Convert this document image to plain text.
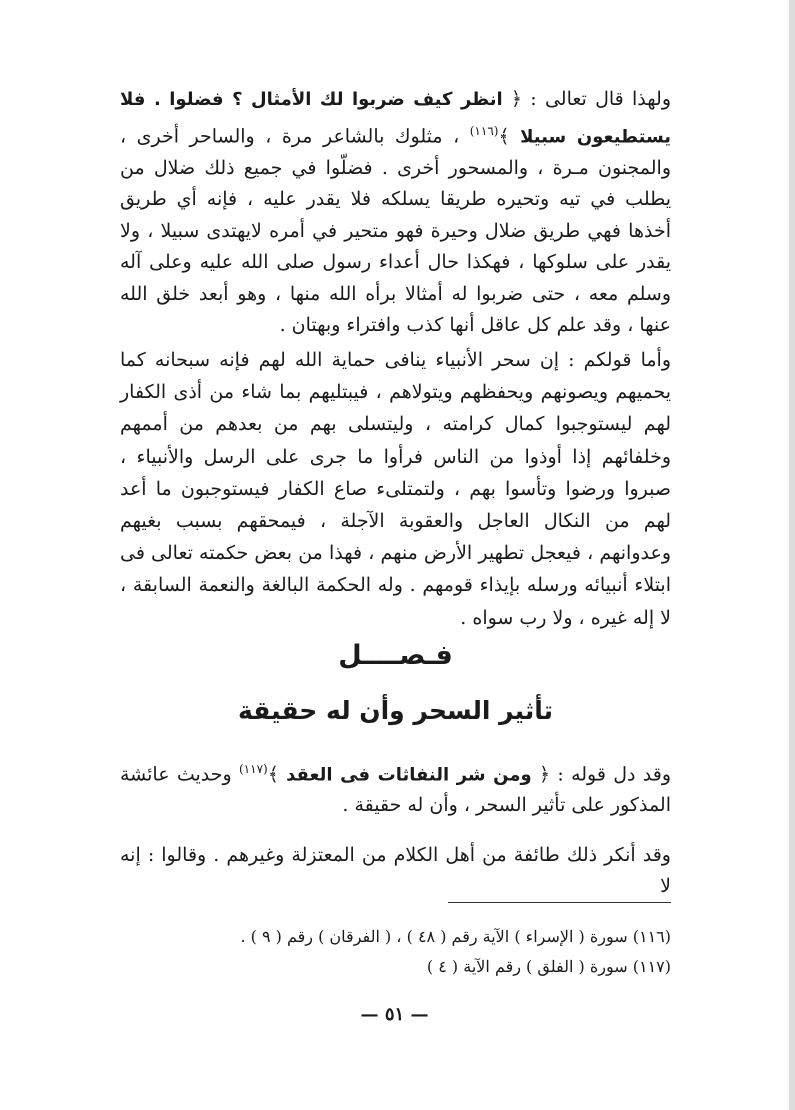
ولهذا قال تعالى : ﴿ انظر كيف ضربوا لك الأمثال ؟ فضلوا . فلا يستطيعون سبيلا ﴾$^{(١١٦)}$ ، مثلوك بالشاعر مرة ، والساحر أخرى ، والمجنون مـرة ، والمسحور أخرى . فضلّوا في جميع ذلك ضلال من يطلب في تيه وتحيره طريقا يسلكه فلا يقدر عليه ، فإنه أي طريق أخذها فهي طريق ضلال وحيرة فهو متحير في أمره لايهتدى سبيلا ، ولا يقدر على سلوكها ، فهكذا حال أعداء رسول صلى الله عليه وعلى آله وسلم معه ، حتى ضربوا له أمثالا برأه الله منها ، وهو أبعد خلق الله عنها ، وقد علم كل عاقل أنها كذب وافتراء وبهتان .
وأما قولكم : إن سحر الأنبياء ينافى حماية الله لهم فإنه سبحانه كما يحميهم ويصونهم ويحفظهم ويتولاهم ، فيبتليهم بما شاء من أذى الكفار لهم ليستوجبوا كمال كرامته ، وليتسلى بهم من بعدهم من أممهم وخلفائهم إذا أوذوا من الناس فرأوا ما جرى على الرسل والأنبياء ، صبروا ورضوا وتأسوا بهم ، ولتمتلىء صاع الكفار فيستوجبون ما أعد لهم من النكال العاجل والعقوبة الآجلة ، فيمحقهم بسبب بغيهم وعدوانهم ، فيعجل تطهير الأرض منهم ، فهذا من بعض حكمته تعالى فى ابتلاء أنبيائه ورسله بإيذاء قومهم . وله الحكمة البالغة والنعمة السابقة ، لا إله غيره ، ولا رب سواه .
فـصــــل
تأثير السحر وأن له حقيقة
وقد دل قوله : ﴿ ومن شر النفاثات فى العقد ﴾$^{(١١٧)}$ وحديث عائشة المذكور على تأثير السحر ، وأن له حقيقة .
وقد أنكر ذلك طائفة من أهل الكلام من المعتزلة وغيرهم . وقالوا : إنه لا

(١١٦) سورة ( الإسراء ) الآية رقم ( ٤٨ ) ، ( الفرقان ) رقم ( ٩ ) .

(١١٧) سورة ( الفلق ) رقم الآية ( ٤ )

— ٥١ —
